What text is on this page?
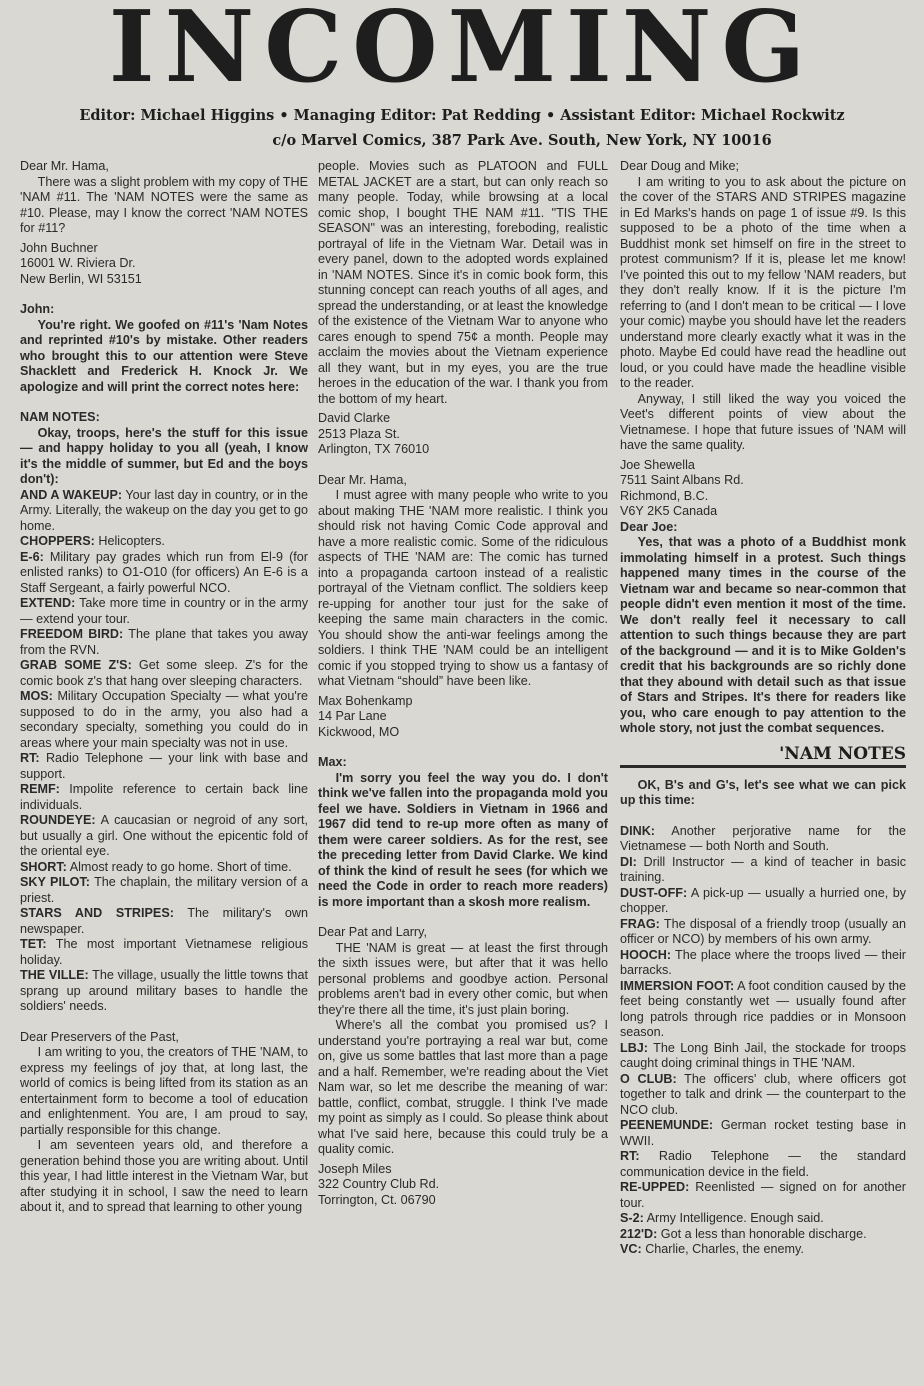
INCOMING
Editor: Michael Higgins • Managing Editor: Pat Redding • Assistant Editor: Michael Rockwitz
c/o Marvel Comics, 387 Park Ave. South, New York, NY 10016

Dear Mr. Hama,

There was a slight problem with my copy of THE 'NAM #11. The 'NAM NOTES were the same as #10. Please, may I know the correct 'NAM NOTES for #11?

John Buchner

16001 W. Riviera Dr.

New Berlin, WI 53151

John:

You're right. We goofed on #11's 'Nam Notes and reprinted #10's by mistake. Other readers who brought this to our attention were Steve Shacklett and Frederick H. Knock Jr. We apologize and will print the correct notes here:

NAM NOTES:

Okay, troops, here's the stuff for this issue — and happy holiday to you all (yeah, I know it's the middle of summer, but Ed and the boys don't):

AND A WAKEUP: Your last day in country, or in the Army. Literally, the wakeup on the day you get to go home.

CHOPPERS: Helicopters.

E-6: Military pay grades which run from El-9 (for enlisted ranks) to O1-O10 (for officers) An E-6 is a Staff Sergeant, a fairly powerful NCO.

EXTEND: Take more time in country or in the army — extend your tour.

FREEDOM BIRD: The plane that takes you away from the RVN.

GRAB SOME Z'S: Get some sleep. Z's for the comic book z's that hang over sleeping characters.

MOS: Military Occupation Specialty — what you're supposed to do in the army, you also had a secondary specialty, something you could do in areas where your main specialty was not in use.

RT: Radio Telephone — your link with base and support.

REMF: Impolite reference to certain back line individuals.

ROUNDEYE: A caucasian or negroid of any sort, but usually a girl. One without the epicentic fold of the oriental eye.

SHORT: Almost ready to go home. Short of time.

SKY PILOT: The chaplain, the military version of a priest.

STARS AND STRIPES: The military's own newspaper.

TET: The most important Vietnamese religious holiday.

THE VILLE: The village, usually the little towns that sprang up around military bases to handle the soldiers' needs.

Dear Preservers of the Past,

I am writing to you, the creators of THE 'NAM, to express my feelings of joy that, at long last, the world of comics is being lifted from its station as an entertainment form to become a tool of education and enlightenment. You are, I am proud to say, partially responsible for this change.

I am seventeen years old, and therefore a generation behind those you are writing about. Until this year, I had little interest in the Vietnam War, but after studying it in school, I saw the need to learn about it, and to spread that learning to other young

people. Movies such as PLATOON and FULL METAL JACKET are a start, but can only reach so many people. Today, while browsing at a local comic shop, I bought THE NAM #11. "TIS THE SEASON" was an interesting, foreboding, realistic portrayal of life in the Vietnam War. Detail was in every panel, down to the adopted words explained in 'NAM NOTES. Since it's in comic book form, this stunning concept can reach youths of all ages, and spread the understanding, or at least the knowledge of the existence of the Vietnam War to anyone who cares enough to spend 75¢ a month. People may acclaim the movies about the Vietnam experience all they want, but in my eyes, you are the true heroes in the education of the war. I thank you from the bottom of my heart.

David Clarke

2513 Plaza St.

Arlington, TX 76010

Dear Mr. Hama,

I must agree with many people who write to you about making THE 'NAM more realistic. I think you should risk not having Comic Code approval and have a more realistic comic. Some of the ridiculous aspects of THE 'NAM are: The comic has turned into a propaganda cartoon instead of a realistic portrayal of the Vietnam conflict. The soldiers keep re-upping for another tour just for the sake of keeping the same main characters in the comic. You should show the anti-war feelings among the soldiers. I think THE 'NAM could be an intelligent comic if you stopped trying to show us a fantasy of what Vietnam “should” have been like.

Max Bohenkamp

14 Par Lane

Kickwood, MO

Max:

I'm sorry you feel the way you do. I don't think we've fallen into the propaganda mold you feel we have. Soldiers in Vietnam in 1966 and 1967 did tend to re-up more often as many of them were career soldiers. As for the rest, see the preceding letter from David Clarke. We kind of think the kind of result he sees (for which we need the Code in order to reach more readers) is more important than a skosh more realism.

Dear Pat and Larry,

THE 'NAM is great — at least the first through the sixth issues were, but after that it was hello personal problems and goodbye action. Personal problems aren't bad in every other comic, but when they're there all the time, it's just plain boring.

Where's all the combat you promised us? I understand you're portraying a real war but, come on, give us some battles that last more than a page and a half. Remember, we're reading about the Viet Nam war, so let me describe the meaning of war: battle, conflict, combat, struggle. I think I've made my point as simply as I could. So please think about what I've said here, because this could truly be a quality comic.

Joseph Miles

322 Country Club Rd.

Torrington, Ct. 06790

Dear Doug and Mike;

I am writing to you to ask about the picture on the cover of the STARS AND STRIPES magazine in Ed Marks's hands on page 1 of issue #9. Is this supposed to be a photo of the time when a Buddhist monk set himself on fire in the street to protest communism? If it is, please let me know! I've pointed this out to my fellow 'NAM readers, but they don't really know. If it is the picture I'm referring to (and I don't mean to be critical — I love your comic) maybe you should have let the readers understand more clearly exactly what it was in the photo. Maybe Ed could have read the headline out loud, or you could have made the headline visible to the reader.

Anyway, I still liked the way you voiced the Veet's different points of view about the Vietnamese. I hope that future issues of 'NAM will have the same quality.

Joe Shewella

7511 Saint Albans Rd.

Richmond, B.C.

V6Y 2K5 Canada

Dear Joe:

Yes, that was a photo of a Buddhist monk immolating himself in a protest. Such things happened many times in the course of the Vietnam war and became so near-common that people didn't even mention it most of the time. We don't really feel it necessary to call attention to such things because they are part of the background — and it is to Mike Golden's credit that his backgrounds are so richly done that they abound with detail such as that issue of Stars and Stripes. It's there for readers like you, who care enough to pay attention to the whole story, not just the combat sequences.

'NAM NOTES

OK, B's and G's, let's see what we can pick up this time:

DINK: Another perjorative name for the Vietnamese — both North and South.

DI: Drill Instructor — a kind of teacher in basic training.

DUST-OFF: A pick-up — usually a hurried one, by chopper.

FRAG: The disposal of a friendly troop (usually an officer or NCO) by members of his own army.

HOOCH: The place where the troops lived — their barracks.

IMMERSION FOOT: A foot condition caused by the feet being constantly wet — usually found after long patrols through rice paddies or in Monsoon season.

LBJ: The Long Binh Jail, the stockade for troops caught doing criminal things in THE 'NAM.

O CLUB: The officers' club, where officers got together to talk and drink — the counterpart to the NCO club.

PEENEMUNDE: German rocket testing base in WWII.

RT: Radio Telephone — the standard communication device in the field.

RE-UPPED: Reenlisted — signed on for another tour.

S-2: Army Intelligence. Enough said.

212'D: Got a less than honorable discharge.

VC: Charlie, Charles, the enemy.
